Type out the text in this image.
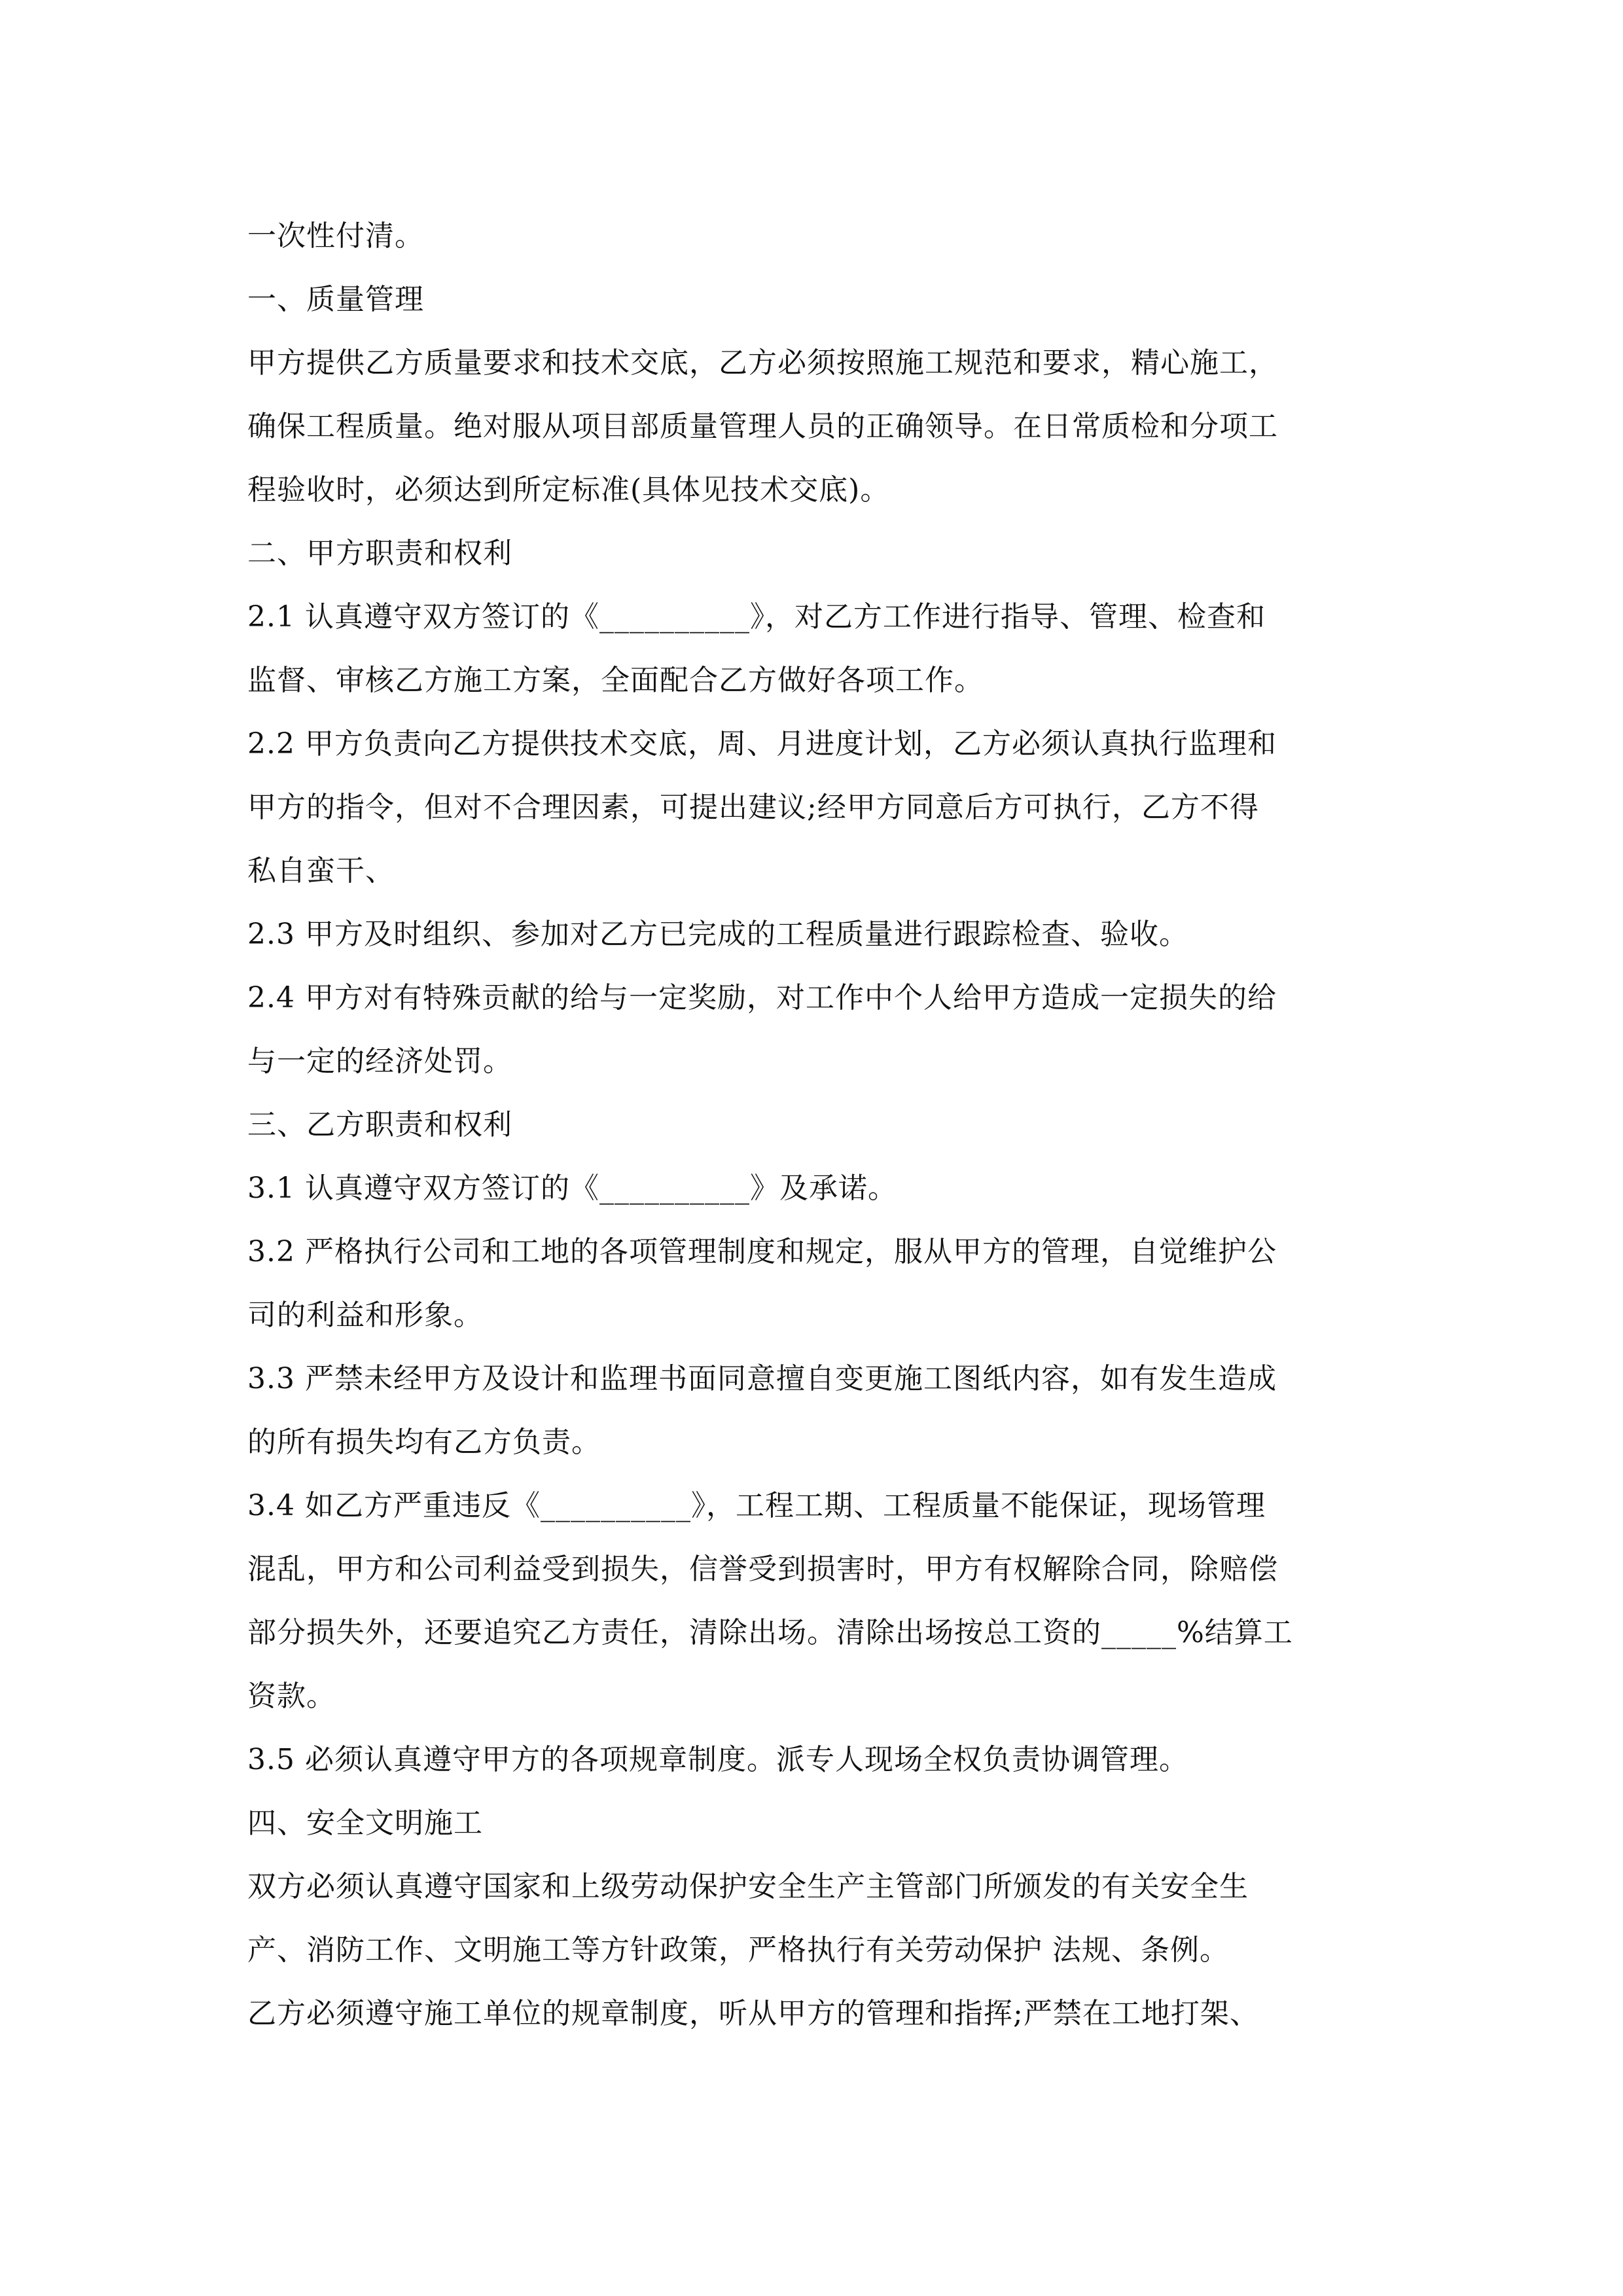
一次性付清。
一、质量管理
甲方提供乙方质量要求和技术交底，乙方必须按照施工规范和要求，精心施工，
确保工程质量。绝对服从项目部质量管理人员的正确领导。在日常质检和分项工
程验收时，必须达到所定标准(具体见技术交底)。
二、甲方职责和权利
2.1 认真遵守双方签订的《__________》，对乙方工作进行指导、管理、检查和
监督、审核乙方施工方案，全面配合乙方做好各项工作。
2.2 甲方负责向乙方提供技术交底，周、月进度计划，乙方必须认真执行监理和
甲方的指令，但对不合理因素，可提出建议;经甲方同意后方可执行，乙方不得
私自蛮干、
2.3 甲方及时组织、参加对乙方已完成的工程质量进行跟踪检查、验收。
2.4 甲方对有特殊贡献的给与一定奖励，对工作中个人给甲方造成一定损失的给
与一定的经济处罚。
三、乙方职责和权利
3.1 认真遵守双方签订的《__________》及承诺。
3.2 严格执行公司和工地的各项管理制度和规定，服从甲方的管理，自觉维护公
司的利益和形象。
3.3 严禁未经甲方及设计和监理书面同意擅自变更施工图纸内容，如有发生造成
的所有损失均有乙方负责。
3.4 如乙方严重违反《__________》，工程工期、工程质量不能保证，现场管理
混乱，甲方和公司利益受到损失，信誉受到损害时，甲方有权解除合同，除赔偿
部分损失外，还要追究乙方责任，清除出场。清除出场按总工资的_____%结算工
资款。
3.5 必须认真遵守甲方的各项规章制度。派专人现场全权负责协调管理。
四、安全文明施工
双方必须认真遵守国家和上级劳动保护安全生产主管部门所颁发的有关安全生
产、消防工作、文明施工等方针政策，严格执行有关劳动保护 法规、条例。
乙方必须遵守施工单位的规章制度，听从甲方的管理和指挥;严禁在工地打架、
